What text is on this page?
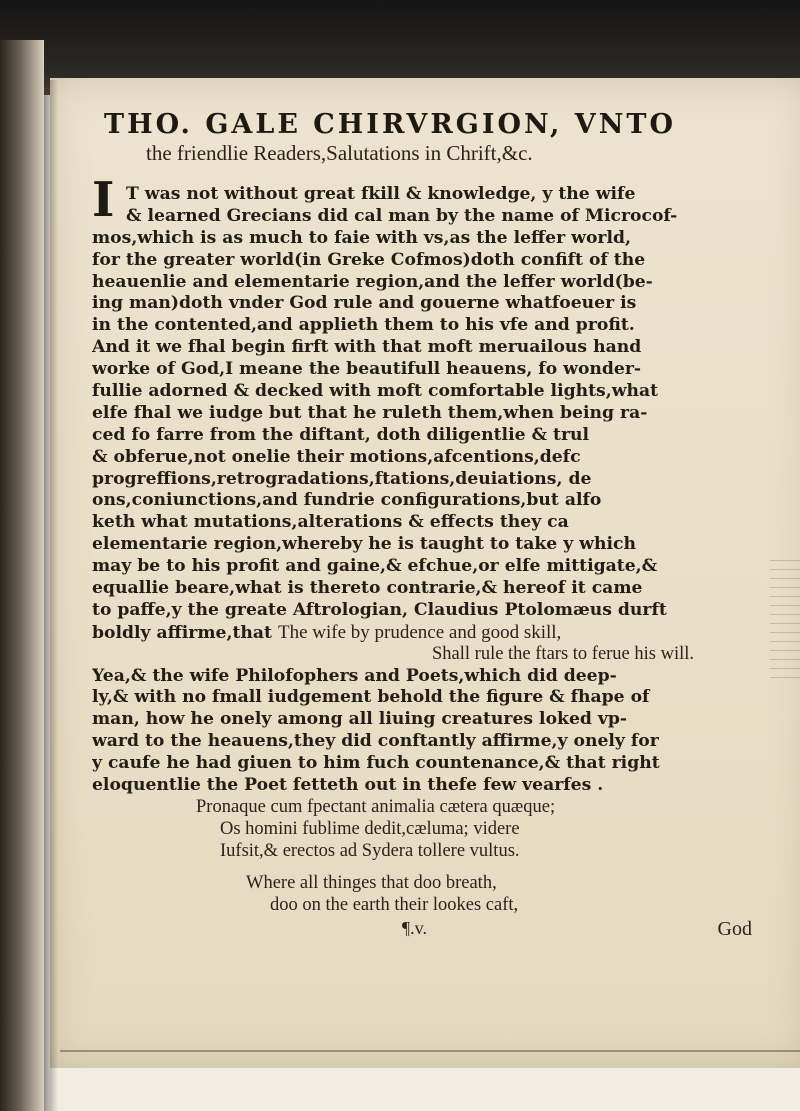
THO. GALE CHIRVRGION, VNTO
the friendlie Readers,Salutations in Chrift,&c.
I T was not without great fkill & knowledge, y the wife
& learned Grecians did cal man by the name of Microcof-
mos,which is as much to faie with vs,as the leffer world,
for the greater world(in Greke Cofmos)doth confift of the
heauenlie and elementarie region,and the leffer world(be-
ing man)doth vnder God rule and gouerne whatfoeuer is
in the contented,and applieth them to his vfe and profit.
And it we fhal begin firft with that moft meruailous hand
worke of God,I meane the beautifull heauens, fo wonder-
fullie adorned & decked with moft comfortable lights,what
elfe fhal we iudge but that he ruleth them,when being ra-
ced fo farre from the diftant, doth diligentlie & trul
& obferue,not onelie their motions,afcentions,defc
progreffions,retrogradations,ftations,deuiations, de
ons,coniunctions,and fundrie configurations,but alfo
keth what mutations,alterations & effects they ca
elementarie region,whereby he is taught to take y which
may be to his profit and gaine,& efchue,or elfe mittigate,&
equallie beare,what is thereto contrarie,& hereof it came
to paffe,y the greate Aftrologian, Claudius Ptolomæus durft
boldly affirme,that The wife by prudence and good skill,
Shall rule the ftars to ferue his will.
Yea,& the wife Philofophers and Poets,which did deep-
ly,& with no fmall iudgement behold the figure & fhape of
man, how he onely among all liuing creatures loked vp-
ward to the heauens,they did conftantly affirme,y onely for
y caufe he had giuen to him fuch countenance,& that right
eloquentlie the Poet fetteth out in thefe few vearfes .
Pronaque cum fpectant animalia cætera quæque;
Os homini fublime dedit,cæluma; videre
Iufsit,& erectos ad Sydera tollere vultus.
Where all thinges that doo breath,
doo on the earth their lookes caft,
¶.v.	God
